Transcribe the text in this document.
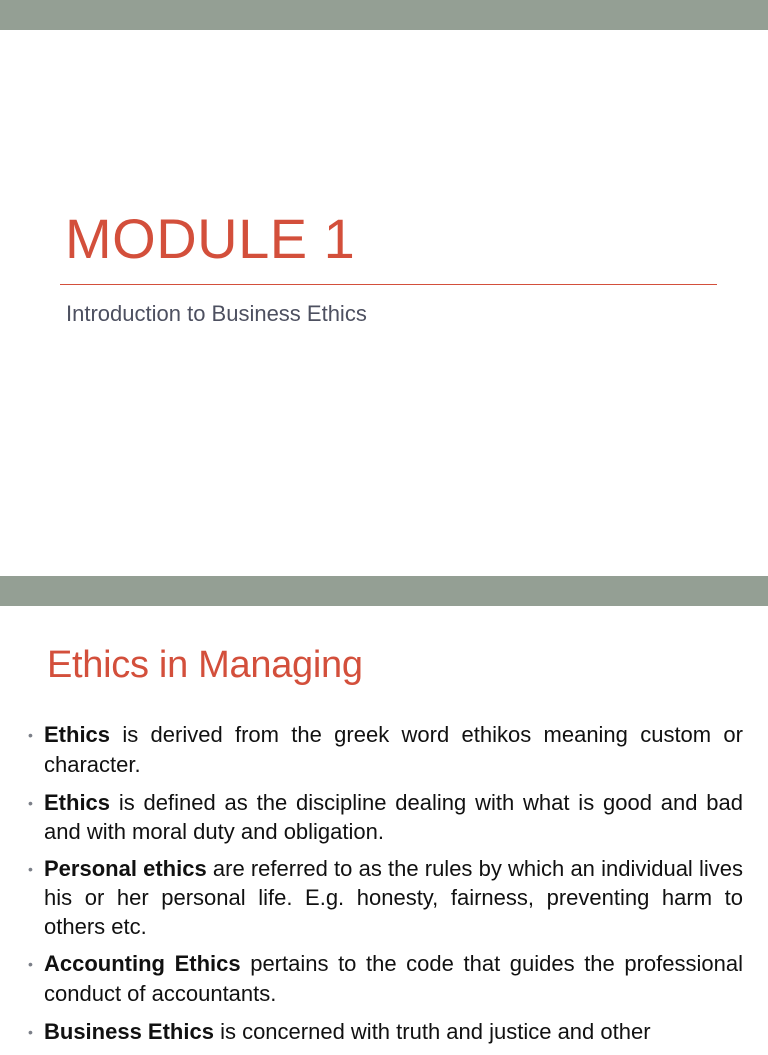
MODULE 1
Introduction to Business Ethics
Ethics in Managing
• Ethics is derived from the greek word ethikos meaning custom or character.
• Ethics is defined as the discipline dealing with what is good and bad and with moral duty and obligation.
• Personal ethics are referred to as the rules by which an individual lives his or her personal life. E.g. honesty, fairness, preventing harm to others etc.
• Accounting Ethics pertains to the code that guides the professional conduct of accountants.
• Business Ethics is concerned with truth and justice and other
